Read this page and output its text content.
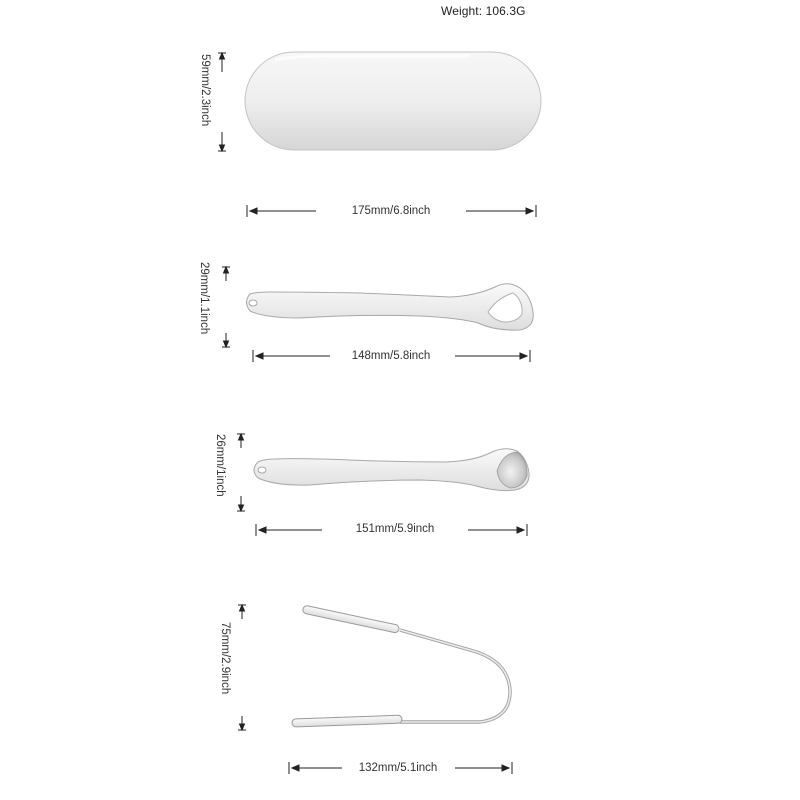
Weight: 106.3G
59mm/2.3inch
29mm/1.1inch
26mm/1inch
75mm/2.9inch
175mm/6.8inch
148mm/5.8inch
151mm/5.9inch
132mm/5.1inch
